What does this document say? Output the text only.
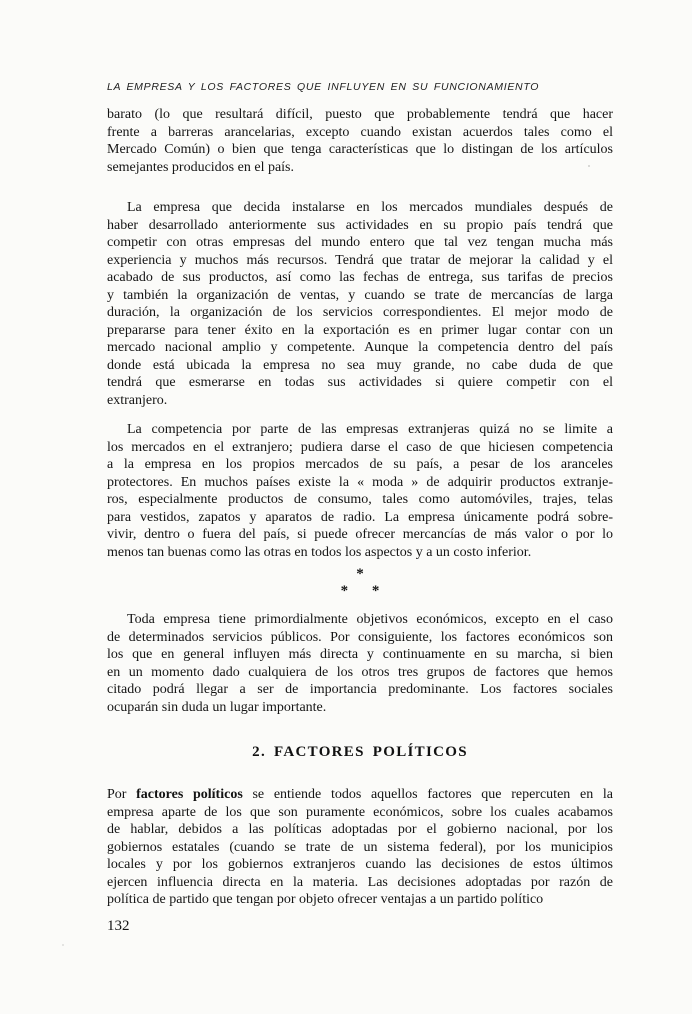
LA EMPRESA Y LOS FACTORES QUE INFLUYEN EN SU FUNCIONAMIENTO
barato (lo que resultará difícil, puesto que probablemente tendrá que hacer
frente a barreras arancelarias, excepto cuando existan acuerdos tales como el
Mercado Común) o bien que tenga características que lo distingan de los artículos
semejantes producidos en el país.
La empresa que decida instalarse en los mercados mundiales después de
haber desarrollado anteriormente sus actividades en su propio país tendrá que
competir con otras empresas del mundo entero que tal vez tengan mucha más
experiencia y muchos más recursos. Tendrá que tratar de mejorar la calidad y el
acabado de sus productos, así como las fechas de entrega, sus tarifas de precios
y también la organización de ventas, y cuando se trate de mercancías de larga
duración, la organización de los servicios correspondientes. El mejor modo de
prepararse para tener éxito en la exportación es en primer lugar contar con un
mercado nacional amplio y competente. Aunque la competencia dentro del país
donde está ubicada la empresa no sea muy grande, no cabe duda de que
tendrá que esmerarse en todas sus actividades si quiere competir con el
extranjero.
La competencia por parte de las empresas extranjeras quizá no se limite a
los mercados en el extranjero; pudiera darse el caso de que hiciesen competencia
a la empresa en los propios mercados de su país, a pesar de los aranceles
protectores. En muchos países existe la « moda » de adquirir productos extranje-
ros, especialmente productos de consumo, tales como automóviles, trajes, telas
para vestidos, zapatos y aparatos de radio. La empresa únicamente podrá sobre-
vivir, dentro o fuera del país, si puede ofrecer mercancías de más valor o por lo
menos tan buenas como las otras en todos los aspectos y a un costo inferior.
*
* *
Toda empresa tiene primordialmente objetivos económicos, excepto en el caso
de determinados servicios públicos. Por consiguiente, los factores económicos son
los que en general influyen más directa y continuamente en su marcha, si bien
en un momento dado cualquiera de los otros tres grupos de factores que hemos
citado podrá llegar a ser de importancia predominante. Los factores sociales
ocuparán sin duda un lugar importante.
2. FACTORES POLÍTICOS
Por factores políticos se entiende todos aquellos factores que repercuten en la
empresa aparte de los que son puramente económicos, sobre los cuales acabamos
de hablar, debidos a las políticas adoptadas por el gobierno nacional, por los
gobiernos estatales (cuando se trate de un sistema federal), por los municipios
locales y por los gobiernos extranjeros cuando las decisiones de estos últimos
ejercen influencia directa en la materia. Las decisiones adoptadas por razón de
política de partido que tengan por objeto ofrecer ventajas a un partido político
132
